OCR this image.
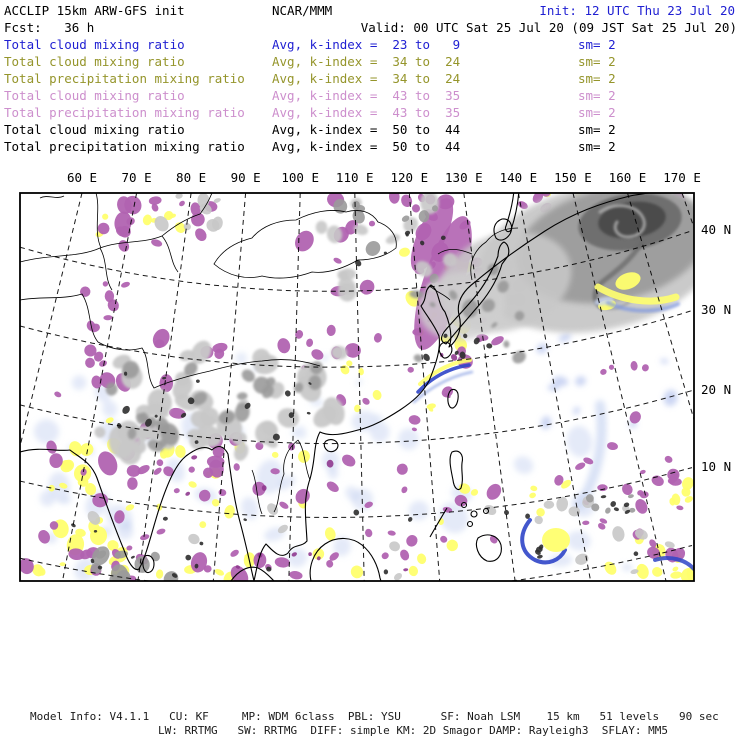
ACCLIP 15km ARW-GFS init	NCAR/MMM	Init: 12 UTC Thu 23 Jul 20
Fcst:   36 h	Valid: 00 UTC Sat 25 Jul 20 (09 JST Sat 25 Jul 20)
Total cloud mixing ratio	Avg, k-index =  23 to   9	sm= 2
Total cloud mixing ratio	Avg, k-index =  34 to  24	sm= 2
Total precipitation mixing ratio Avg, k-index =  34 to  24	sm= 2
Total cloud mixing ratio	Avg, k-index =  43 to  35	sm= 2
Total precipitation mixing ratio Avg, k-index =  43 to  35	sm= 2
Total cloud mixing ratio	Avg, k-index =  50 to  44	sm= 2
Total precipitation mixing ratio Avg, k-index =  50 to  44	sm= 2
60 E 70 E 80 E 90 E 100 E 110 E 120 E 130 E 140 E 150 E 160 E 170 E
40 N
30 N
20 N
10 N
Model Info: V4.1.1   CU: KF     MP: WDM 6class  PBL: YSU      SF: Noah LSM    15 km   51 levels   90 sec
LW: RRTMG   SW: RRTMG  DIFF: simple KM: 2D Smagor DAMP: Rayleigh3  SFLAY: MM5
